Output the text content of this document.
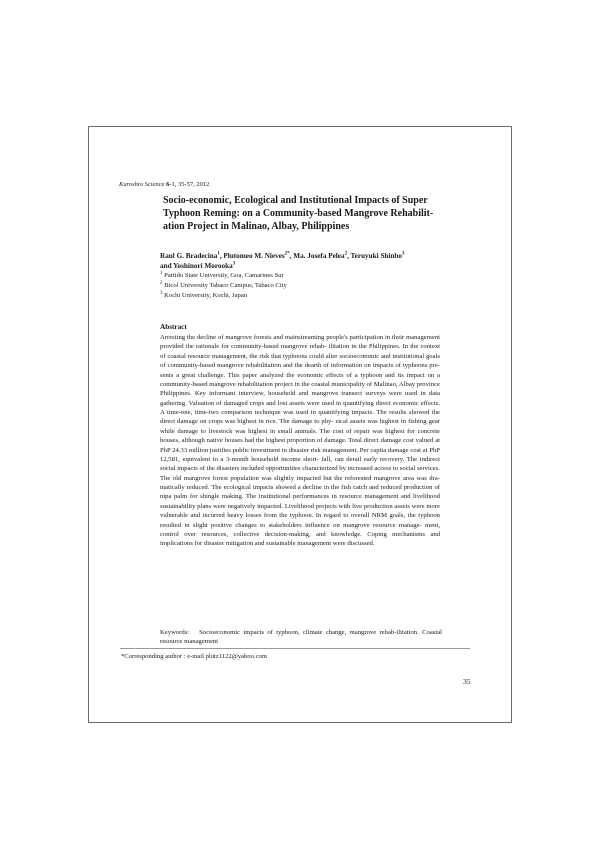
Kuroshio Science 6-1, 35-57, 2012
Socio-economic, Ecological and Institutional Impacts of Super
Typhoon Reming: on a Community-based Mangrove Rehabilit-
ation Project in Malinao, Albay, Philippines
Raul G. Bradecina$^1$, Plutomeo M. Nieves$^{2*}$, Ma. Josefa Pelea$^2$, Teruyuki Shinbo$^3$
and Yoshinori Morooka$^3$
$^1$ Partido State University, Goa, Camarines Sur
$^2$ Bicol University Tabaco Campus, Tabaco City
$^3$ Kochi University, Kochi, Japan
Abstract

Arresting the decline of mangrove forests and mainstreaming people's participation in their management provided the rationale for community-based mangrove rehab- ilitation in the Philippines. In the context of coastal resource management, the risk that typhoons could alter socioeconomic and institutional goals of community-based mangrove rehabilitation and the dearth of information on impacts of typhoons pre- sents a great challenge. This paper analyzed the economic effects of a typhoon and its impact on a community-based mangrove rehabilitation project in the coastal municipality of Malinao, Albay province Philippines. Key informant interview, household and mangrove transect surveys were used in data gathering. Valuation of damaged crops and lost assets were used in quantifying direct economic effects. A time-one, time-two comparison technique was used in quantifying impacts. The results showed the direct damage on crops was highest in rice. The damage to phy- sical assets was highest in fishing gear while damage to livestock was highest in small animals. The cost of repair was highest for concrete houses, although native houses had the highest proportion of damage. Total direct damage cost valued at PhP 24.33 million justifies public investment in disaster risk management. Per capita damage cost at PhP 12,581, equivalent to a 3-month household income short- fall, can derail early recovery. The indirect social impacts of the disasters included opportunities characterized by increased access to social services. The old mangrove forest population was slightly impacted but the reforested mangrove area was dra- matically reduced. The ecological impacts showed a decline in the fish catch and reduced production of nipa palm for shingle making. The institutional performances in resource management and livelihood sustainability plans were negatively impacted. Livelihood projects with live production assets were more vulnerable and incurred heavy losses from the typhoon. In regard to overall NRM goals, the typhoon resulted in slight positive changes to stakeholders influence on mangrove resource manage- ment, control over resources, collective decision-making, and knowledge. Coping mechanisms and implications for disaster mitigation and sustainable management were discussed.

Keywords: Socioeconomic impacts of typhoon, climate change, mangrove rehab-ilitation. Coastal resource management

*Corresponding author : e-mail plutz1122@yahoo.com
35
